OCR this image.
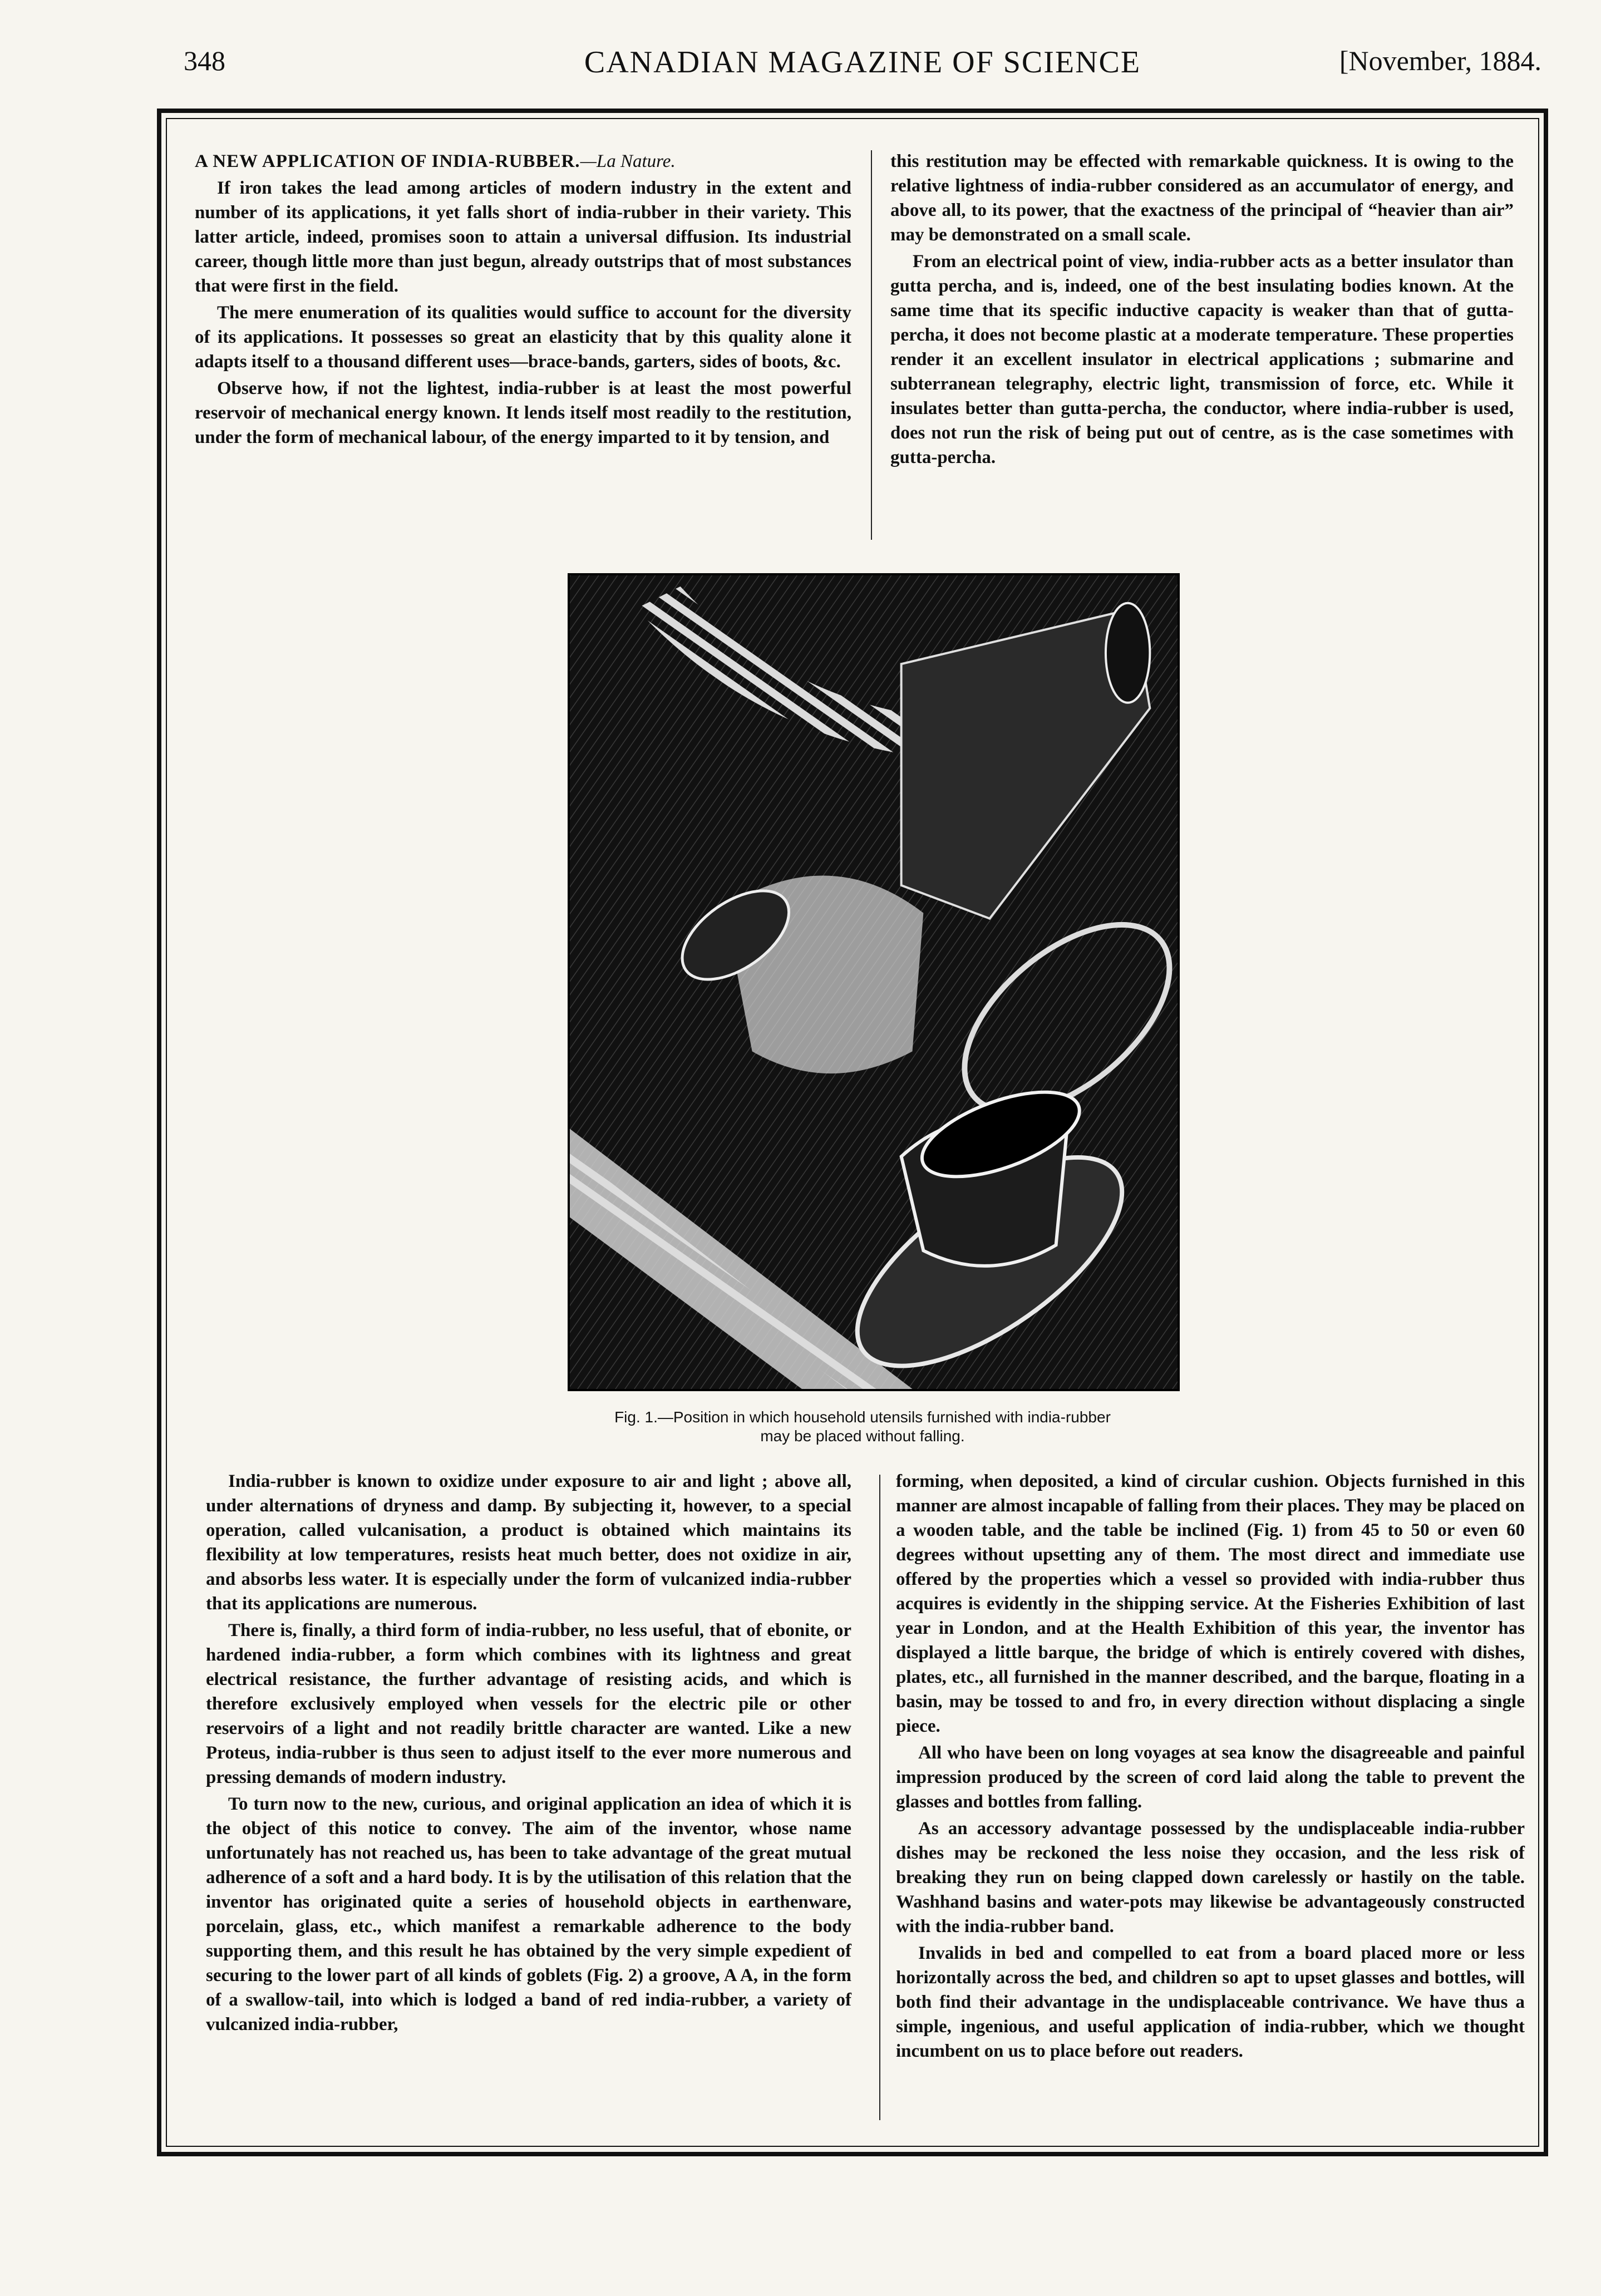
348	CANADIAN MAGAZINE OF SCIENCE	[November, 1884.

A NEW APPLICATION OF INDIA-RUBBER.—La Nature.

If iron takes the lead among articles of modern industry in the extent and number of its applications, it yet falls short of india-rubber in their variety. This latter article, indeed, promises soon to attain a universal diffusion. Its industrial career, though little more than just begun, already outstrips that of most substances that were first in the field.

The mere enumeration of its qualities would suffice to account for the diversity of its applications. It possesses so great an elasticity that by this quality alone it adapts itself to a thousand different uses—brace-bands, garters, sides of boots, &c.

Observe how, if not the lightest, india-rubber is at least the most powerful reservoir of mechanical energy known. It lends itself most readily to the restitution, under the form of mechanical labour, of the energy imparted to it by tension, and

this restitution may be effected with remarkable quickness. It is owing to the relative lightness of india-rubber considered as an accumulator of energy, and above all, to its power, that the exactness of the principal of “heavier than air” may be demonstrated on a small scale.

From an electrical point of view, india-rubber acts as a better insulator than gutta percha, and is, indeed, one of the best insulating bodies known. At the same time that its specific inductive capacity is weaker than that of gutta-percha, it does not become plastic at a moderate temperature. These properties render it an excellent insulator in electrical applications ; submarine and subterranean telegraphy, electric light, transmission of force, etc. While it insulates better than gutta-percha, the conductor, where india-rubber is used, does not run the risk of being put out of centre, as is the case sometimes with gutta-percha.

Fig. 1.—Position in which household utensils furnished with india-rubber
may be placed without falling.

India-rubber is known to oxidize under exposure to air and light ; above all, under alternations of dryness and damp. By subjecting it, however, to a special operation, called vulcanisation, a product is obtained which maintains its flexibility at low temperatures, resists heat much better, does not oxidize in air, and absorbs less water. It is especially under the form of vulcanized india-rubber that its applications are numerous.

There is, finally, a third form of india-rubber, no less useful, that of ebonite, or hardened india-rubber, a form which combines with its lightness and great electrical resistance, the further advantage of resisting acids, and which is therefore exclusively employed when vessels for the electric pile or other reservoirs of a light and not readily brittle character are wanted. Like a new Proteus, india-rubber is thus seen to adjust itself to the ever more numerous and pressing demands of modern industry.

To turn now to the new, curious, and original application an idea of which it is the object of this notice to convey. The aim of the inventor, whose name unfortunately has not reached us, has been to take advantage of the great mutual adherence of a soft and a hard body. It is by the utilisation of this relation that the inventor has originated quite a series of household objects in earthenware, porcelain, glass, etc., which manifest a remarkable adherence to the body supporting them, and this result he has obtained by the very simple expedient of securing to the lower part of all kinds of goblets (Fig. 2) a groove, A A, in the form of a swallow-tail, into which is lodged a band of red india-rubber, a variety of vulcanized india-rubber,

forming, when deposited, a kind of circular cushion. Objects furnished in this manner are almost incapable of falling from their places. They may be placed on a wooden table, and the table be inclined (Fig. 1) from 45 to 50 or even 60 degrees without upsetting any of them. The most direct and immediate use offered by the properties which a vessel so provided with india-rubber thus acquires is evidently in the shipping service. At the Fisheries Exhibition of last year in London, and at the Health Exhibition of this year, the inventor has displayed a little barque, the bridge of which is entirely covered with dishes, plates, etc., all furnished in the manner described, and the barque, floating in a basin, may be tossed to and fro, in every direction without displacing a single piece.

All who have been on long voyages at sea know the disagreeable and painful impression produced by the screen of cord laid along the table to prevent the glasses and bottles from falling.

As an accessory advantage possessed by the undisplaceable india-rubber dishes may be reckoned the less noise they occasion, and the less risk of breaking they run on being clapped down carelessly or hastily on the table. Washhand basins and water-pots may likewise be advantageously constructed with the india-rubber band.

Invalids in bed and compelled to eat from a board placed more or less horizontally across the bed, and children so apt to upset glasses and bottles, will both find their advantage in the undisplaceable contrivance. We have thus a simple, ingenious, and useful application of india-rubber, which we thought incumbent on us to place before out readers.
